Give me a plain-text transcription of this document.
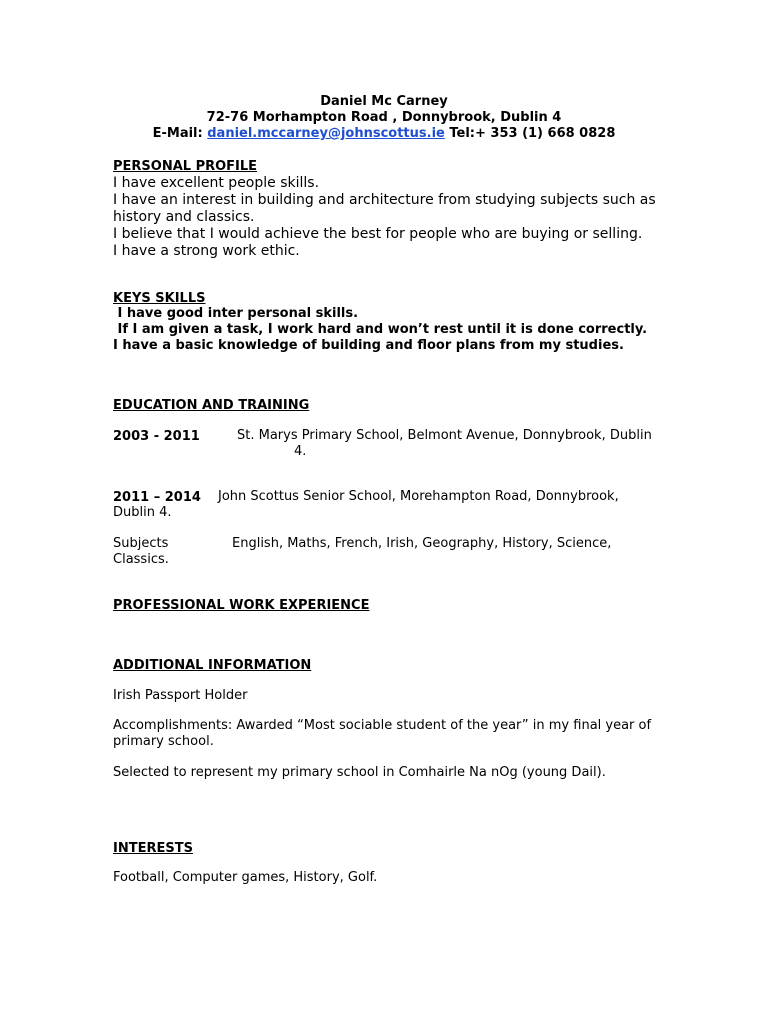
Daniel Mc Carney
72-76 Morhampton Road , Donnybrook, Dublin 4
E-Mail: daniel.mccarney@johnscottus.ie Tel:+ 353 (1) 668 0828
PERSONAL PROFILE
I have excellent people skills.
I have an interest in building and architecture from studying subjects such as
history and classics.
I believe that I would achieve the best for people who are buying or selling.
I have a strong work ethic.
KEYS SKILLS
I have good inter personal skills.
If I am given a task, I work hard and won’t rest until it is done correctly.
I have a basic knowledge of building and floor plans from my studies.
EDUCATION AND TRAINING
2003 - 2011	St. Marys Primary School, Belmont Avenue, Donnybrook, Dublin
4.
2011 – 2014 John Scottus Senior School, Morehampton Road, Donnybrook,
Dublin 4.
Subjects	English, Maths, French, Irish, Geography, History, Science,
Classics.
PROFESSIONAL WORK EXPERIENCE
ADDITIONAL INFORMATION
Irish Passport Holder
Accomplishments: Awarded “Most sociable student of the year” in my final year of
primary school.
Selected to represent my primary school in Comhairle Na nOg (young Dail).
INTERESTS
Football, Computer games, History, Golf.
